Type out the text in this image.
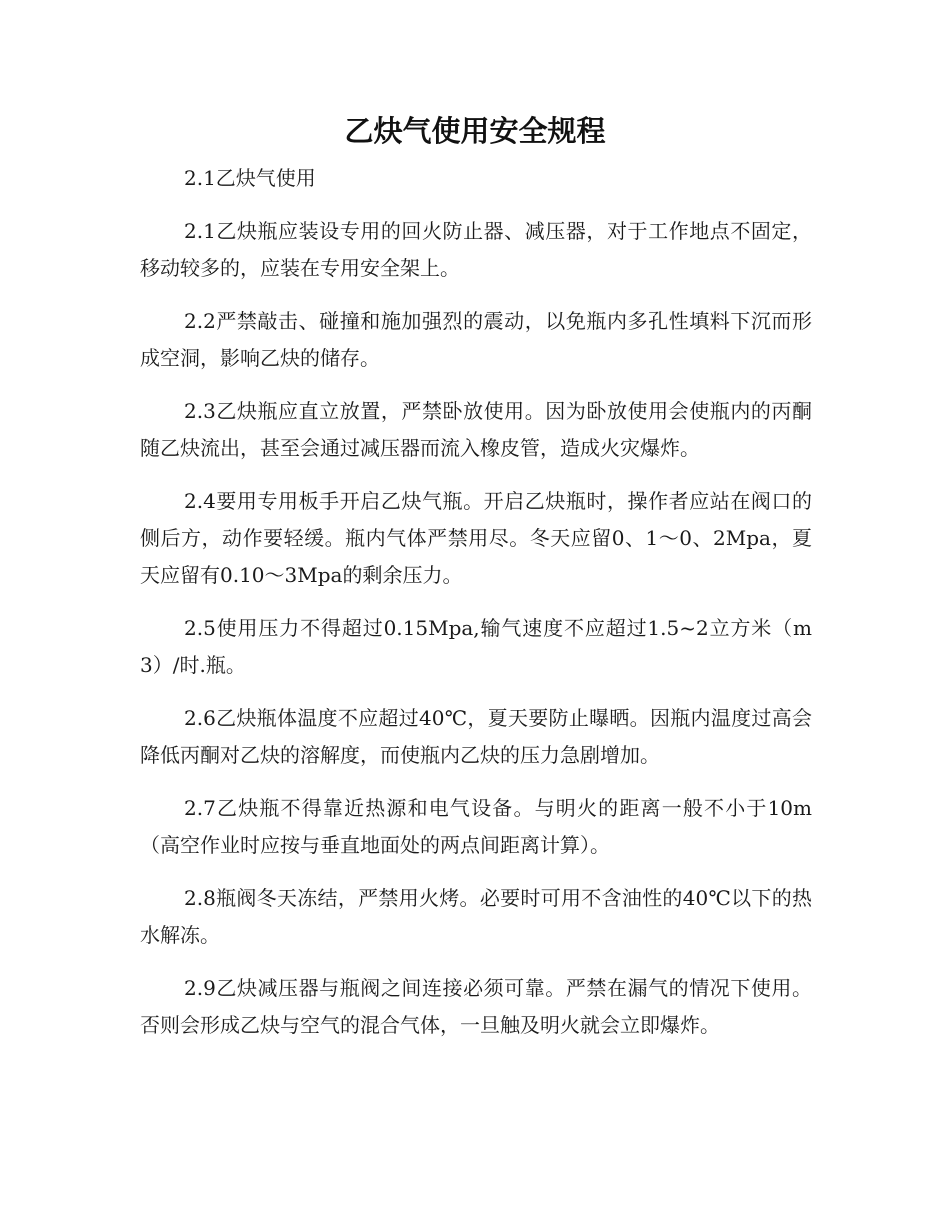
乙炔气使用安全规程

2.1乙炔气使用

2.1乙炔瓶应装设专用的回火防止器、减压器，对于工作地点不固定，移动较多的，应装在专用安全架上。

2.2严禁敲击、碰撞和施加强烈的震动，以免瓶内多孔性填料下沉而形成空洞，影响乙炔的储存。

2.3乙炔瓶应直立放置，严禁卧放使用。因为卧放使用会使瓶内的丙酮随乙炔流出，甚至会通过减压器而流入橡皮管，造成火灾爆炸。

2.4要用专用板手开启乙炔气瓶。开启乙炔瓶时，操作者应站在阀口的侧后方，动作要轻缓。瓶内气体严禁用尽。冬天应留0、1～0、2Mpa，夏天应留有0.10～3Mpa的剩余压力。

2.5使用压力不得超过0.15Mpa,输气速度不应超过1.5~2立方米（m3）/时.瓶。

2.6乙炔瓶体温度不应超过40℃，夏天要防止曝晒。因瓶内温度过高会降低丙酮对乙炔的溶解度，而使瓶内乙炔的压力急剧增加。

2.7乙炔瓶不得靠近热源和电气设备。与明火的距离一般不小于10m（高空作业时应按与垂直地面处的两点间距离计算）。

2.8瓶阀冬天冻结，严禁用火烤。必要时可用不含油性的40℃以下的热水解冻。

2.9乙炔减压器与瓶阀之间连接必须可靠。严禁在漏气的情况下使用。否则会形成乙炔与空气的混合气体，一旦触及明火就会立即爆炸。
